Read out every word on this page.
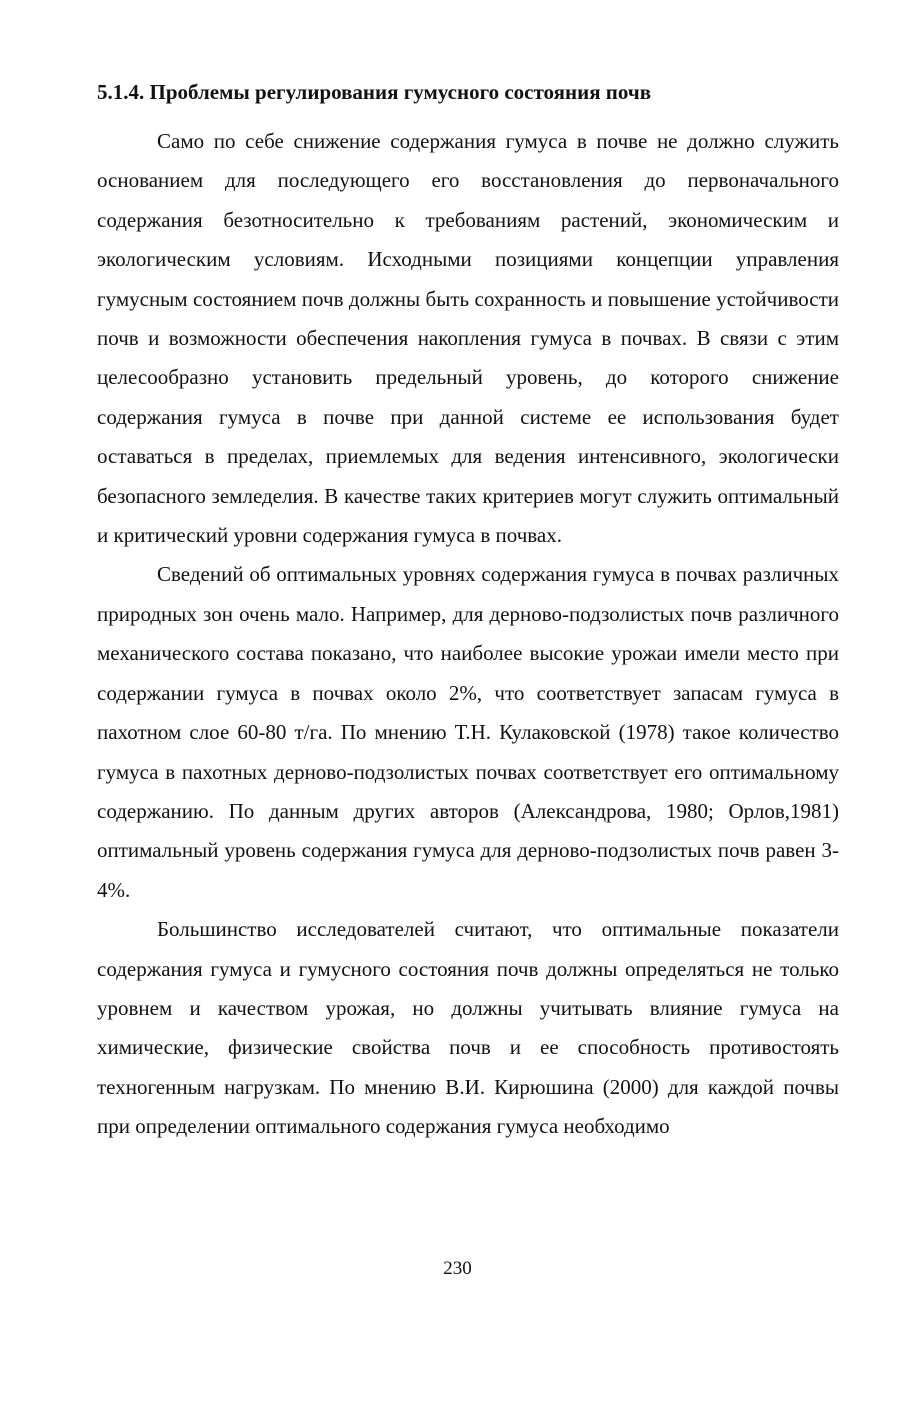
5.1.4. Проблемы регулирования гумусного состояния почв

Само по себе снижение содержания гумуса в почве не должно служить основанием для последующего его восстановления до первоначального содержания безотносительно к требованиям растений, экономическим и экологическим условиям. Исходными позициями концепции управления гумусным состоянием почв должны быть сохранность и повышение устойчивости почв и возможности обеспечения накопления гумуса в почвах. В связи с этим целесообразно установить предельный уровень, до которого снижение содержания гумуса в почве при данной системе ее использования будет оставаться в пределах, приемлемых для ведения интенсивного, экологически безопасного земледелия. В качестве таких критериев могут служить оптимальный и критический уровни содержания гумуса в почвах.

Сведений об оптимальных уровнях содержания гумуса в почвах различных природных зон очень мало. Например, для дерново-подзолистых почв различного механического состава показано, что наиболее высокие урожаи имели место при содержании гумуса в почвах около 2%, что соответствует запасам гумуса в пахотном слое 60-80 т/га. По мнению Т.Н. Кулаковской (1978) такое количество гумуса в пахотных дерново-подзолистых почвах соответствует его оптимальному содержанию. По данным других авторов (Александрова, 1980; Орлов,1981) оптимальный уровень содержания гумуса для дерново-подзолистых почв равен 3-4%.

Большинство исследователей считают, что оптимальные показатели содержания гумуса и гумусного состояния почв должны определяться не только уровнем и качеством урожая, но должны учитывать влияние гумуса на химические, физические свойства почв и ее способность противостоять техногенным нагрузкам. По мнению В.И. Кирюшина (2000) для каждой почвы при определении оптимального содержания гумуса необходимо

230
